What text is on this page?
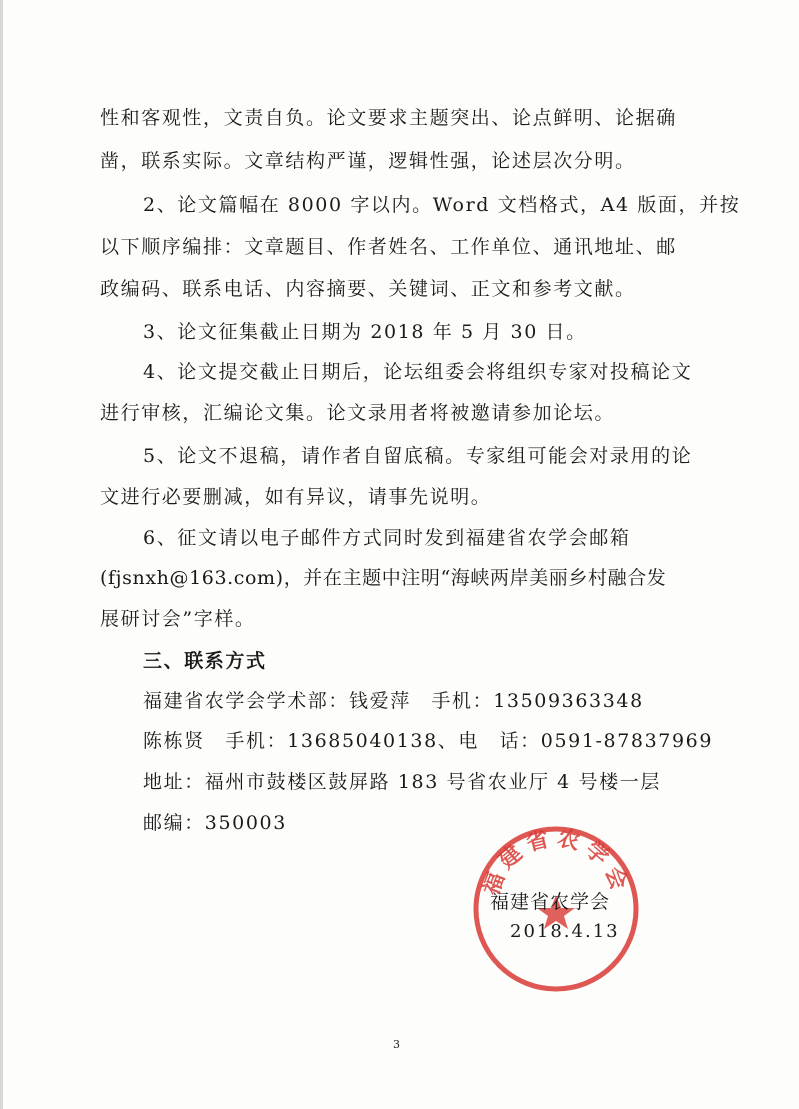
性和客观性，文责自负。论文要求主题突出、论点鲜明、论据确
凿，联系实际。文章结构严谨，逻辑性强，论述层次分明。
2、论文篇幅在 8000 字以内。Word 文档格式，A4 版面，并按
以下顺序编排：文章题目、作者姓名、工作单位、通讯地址、邮
政编码、联系电话、内容摘要、关键词、正文和参考文献。
3、论文征集截止日期为 2018 年 5 月 30 日。
4、论文提交截止日期后，论坛组委会将组织专家对投稿论文
进行审核，汇编论文集。论文录用者将被邀请参加论坛。
5、论文不退稿，请作者自留底稿。专家组可能会对录用的论
文进行必要删减，如有异议，请事先说明。
6、征文请以电子邮件方式同时发到福建省农学会邮箱
(fjsnxh@163.com)，并在主题中注明“海峡两岸美丽乡村融合发
展研讨会”字样。
三、联系方式
福建省农学会学术部：钱爱萍　手机：13509363348
陈栋贤　手机：13685040138、电　话：0591-87837969
地址：福州市鼓楼区鼓屏路 183 号省农业厅 4 号楼一层
邮编：350003
福建省农学会
福建省农学会
2018.4.13
3
